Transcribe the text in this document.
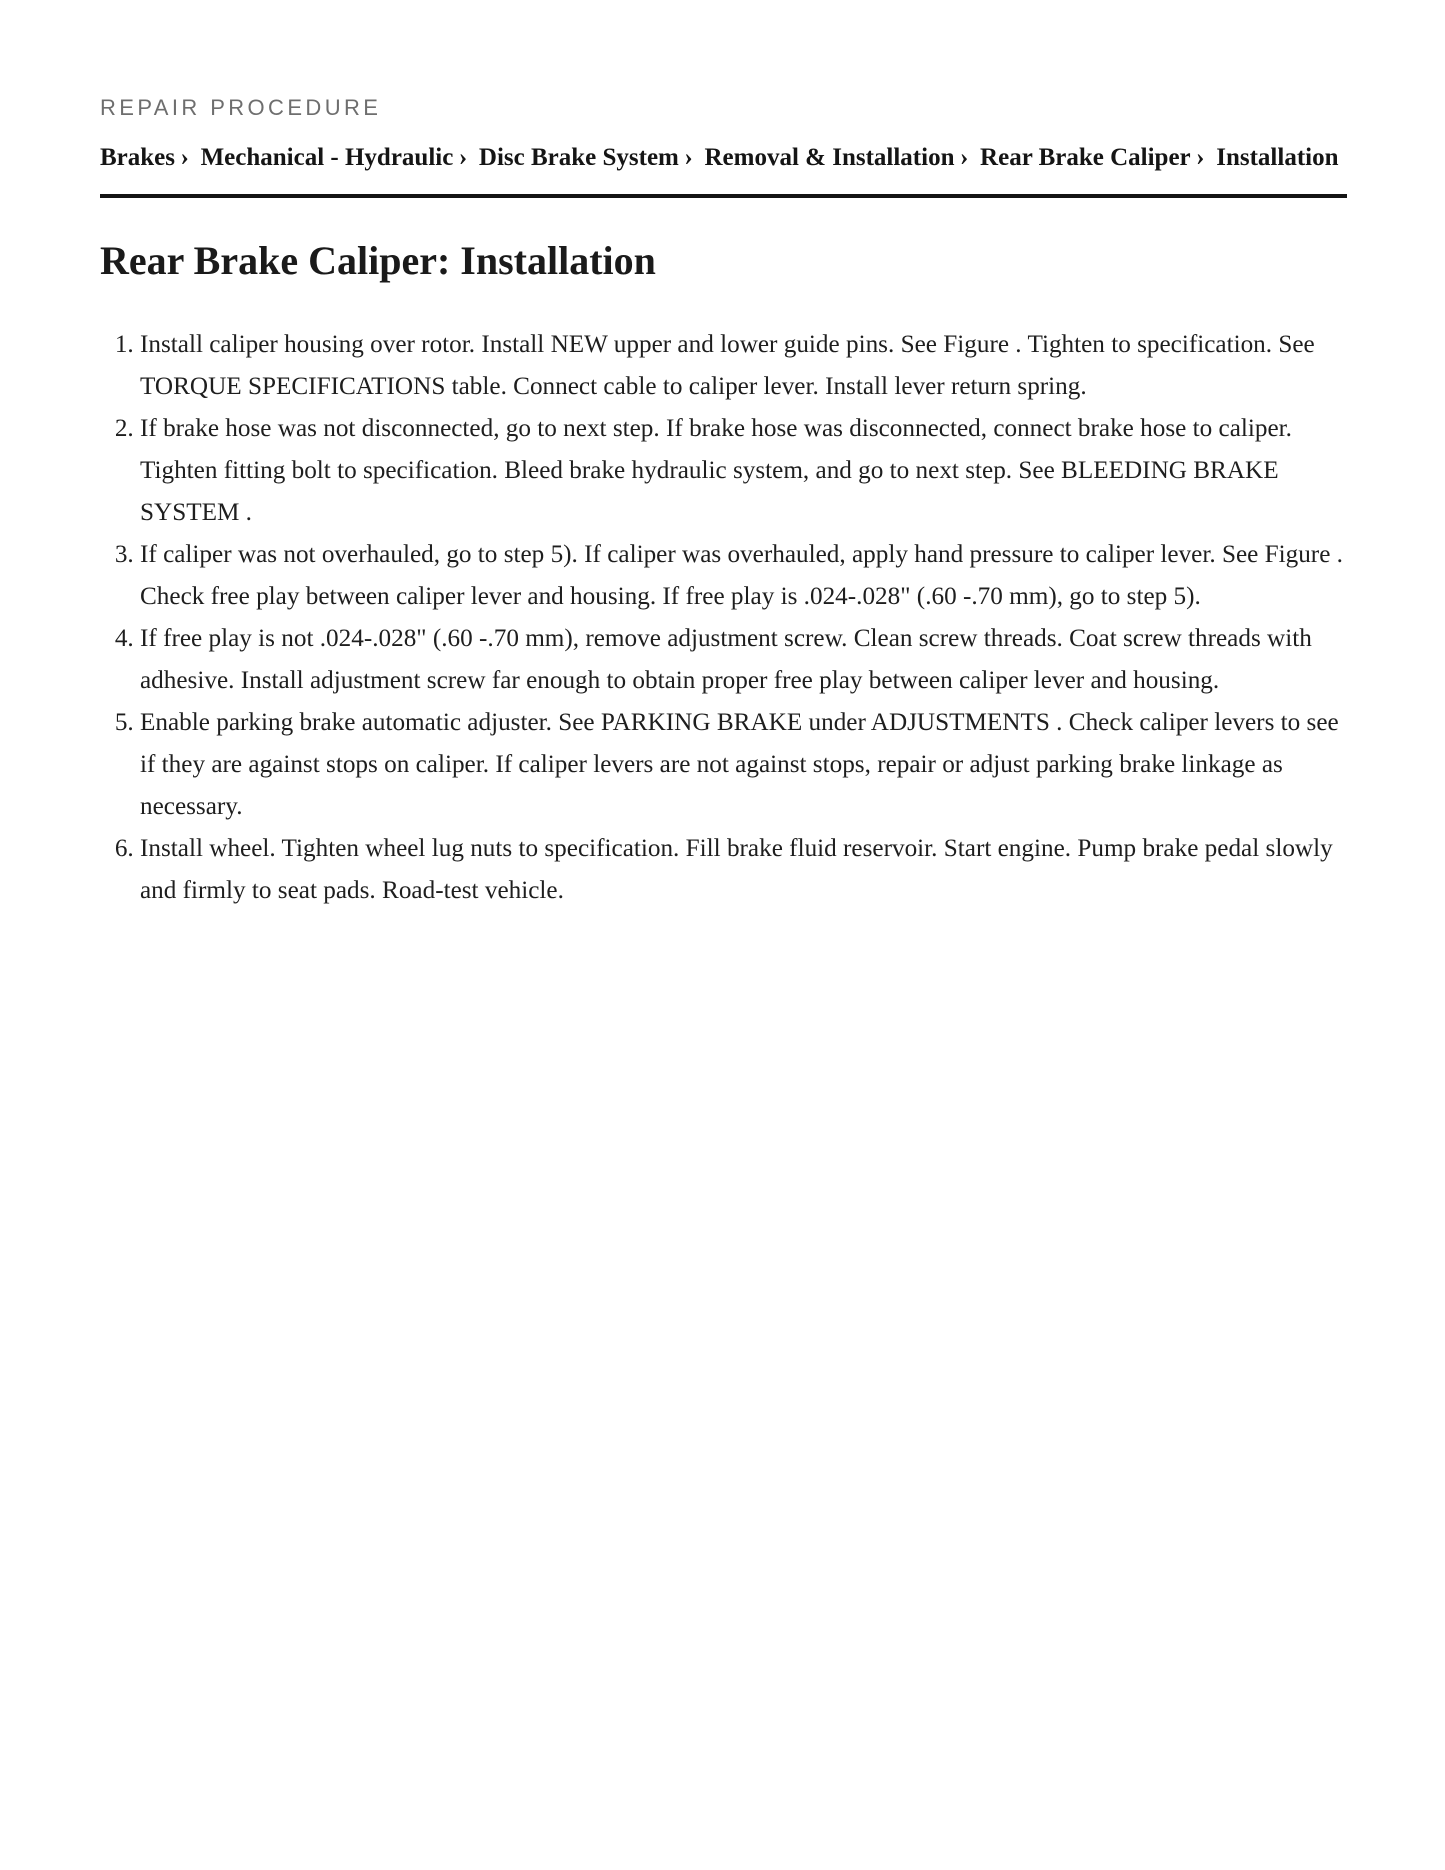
REPAIR PROCEDURE

Brakes › Mechanical - Hydraulic › Disc Brake System › Removal & Installation › Rear Brake Caliper › Installation
Rear Brake Caliper: Installation
1. Install caliper housing over rotor. Install NEW upper and lower guide pins. See Figure . Tighten to specification. See TORQUE SPECIFICATIONS table. Connect cable to caliper lever. Install lever return spring.
2. If brake hose was not disconnected, go to next step. If brake hose was disconnected, connect brake hose to caliper. Tighten fitting bolt to specification. Bleed brake hydraulic system, and go to next step. See BLEEDING BRAKE SYSTEM .
3. If caliper was not overhauled, go to step 5). If caliper was overhauled, apply hand pressure to caliper lever. See Figure . Check free play between caliper lever and housing. If free play is .024-.028" (.60 -.70 mm), go to step 5).
4. If free play is not .024-.028" (.60 -.70 mm), remove adjustment screw. Clean screw threads. Coat screw threads with adhesive. Install adjustment screw far enough to obtain proper free play between caliper lever and housing.
5. Enable parking brake automatic adjuster. See PARKING BRAKE under ADJUSTMENTS . Check caliper levers to see if they are against stops on caliper. If caliper levers are not against stops, repair or adjust parking brake linkage as necessary.
6. Install wheel. Tighten wheel lug nuts to specification. Fill brake fluid reservoir. Start engine. Pump brake pedal slowly and firmly to seat pads. Road-test vehicle.
